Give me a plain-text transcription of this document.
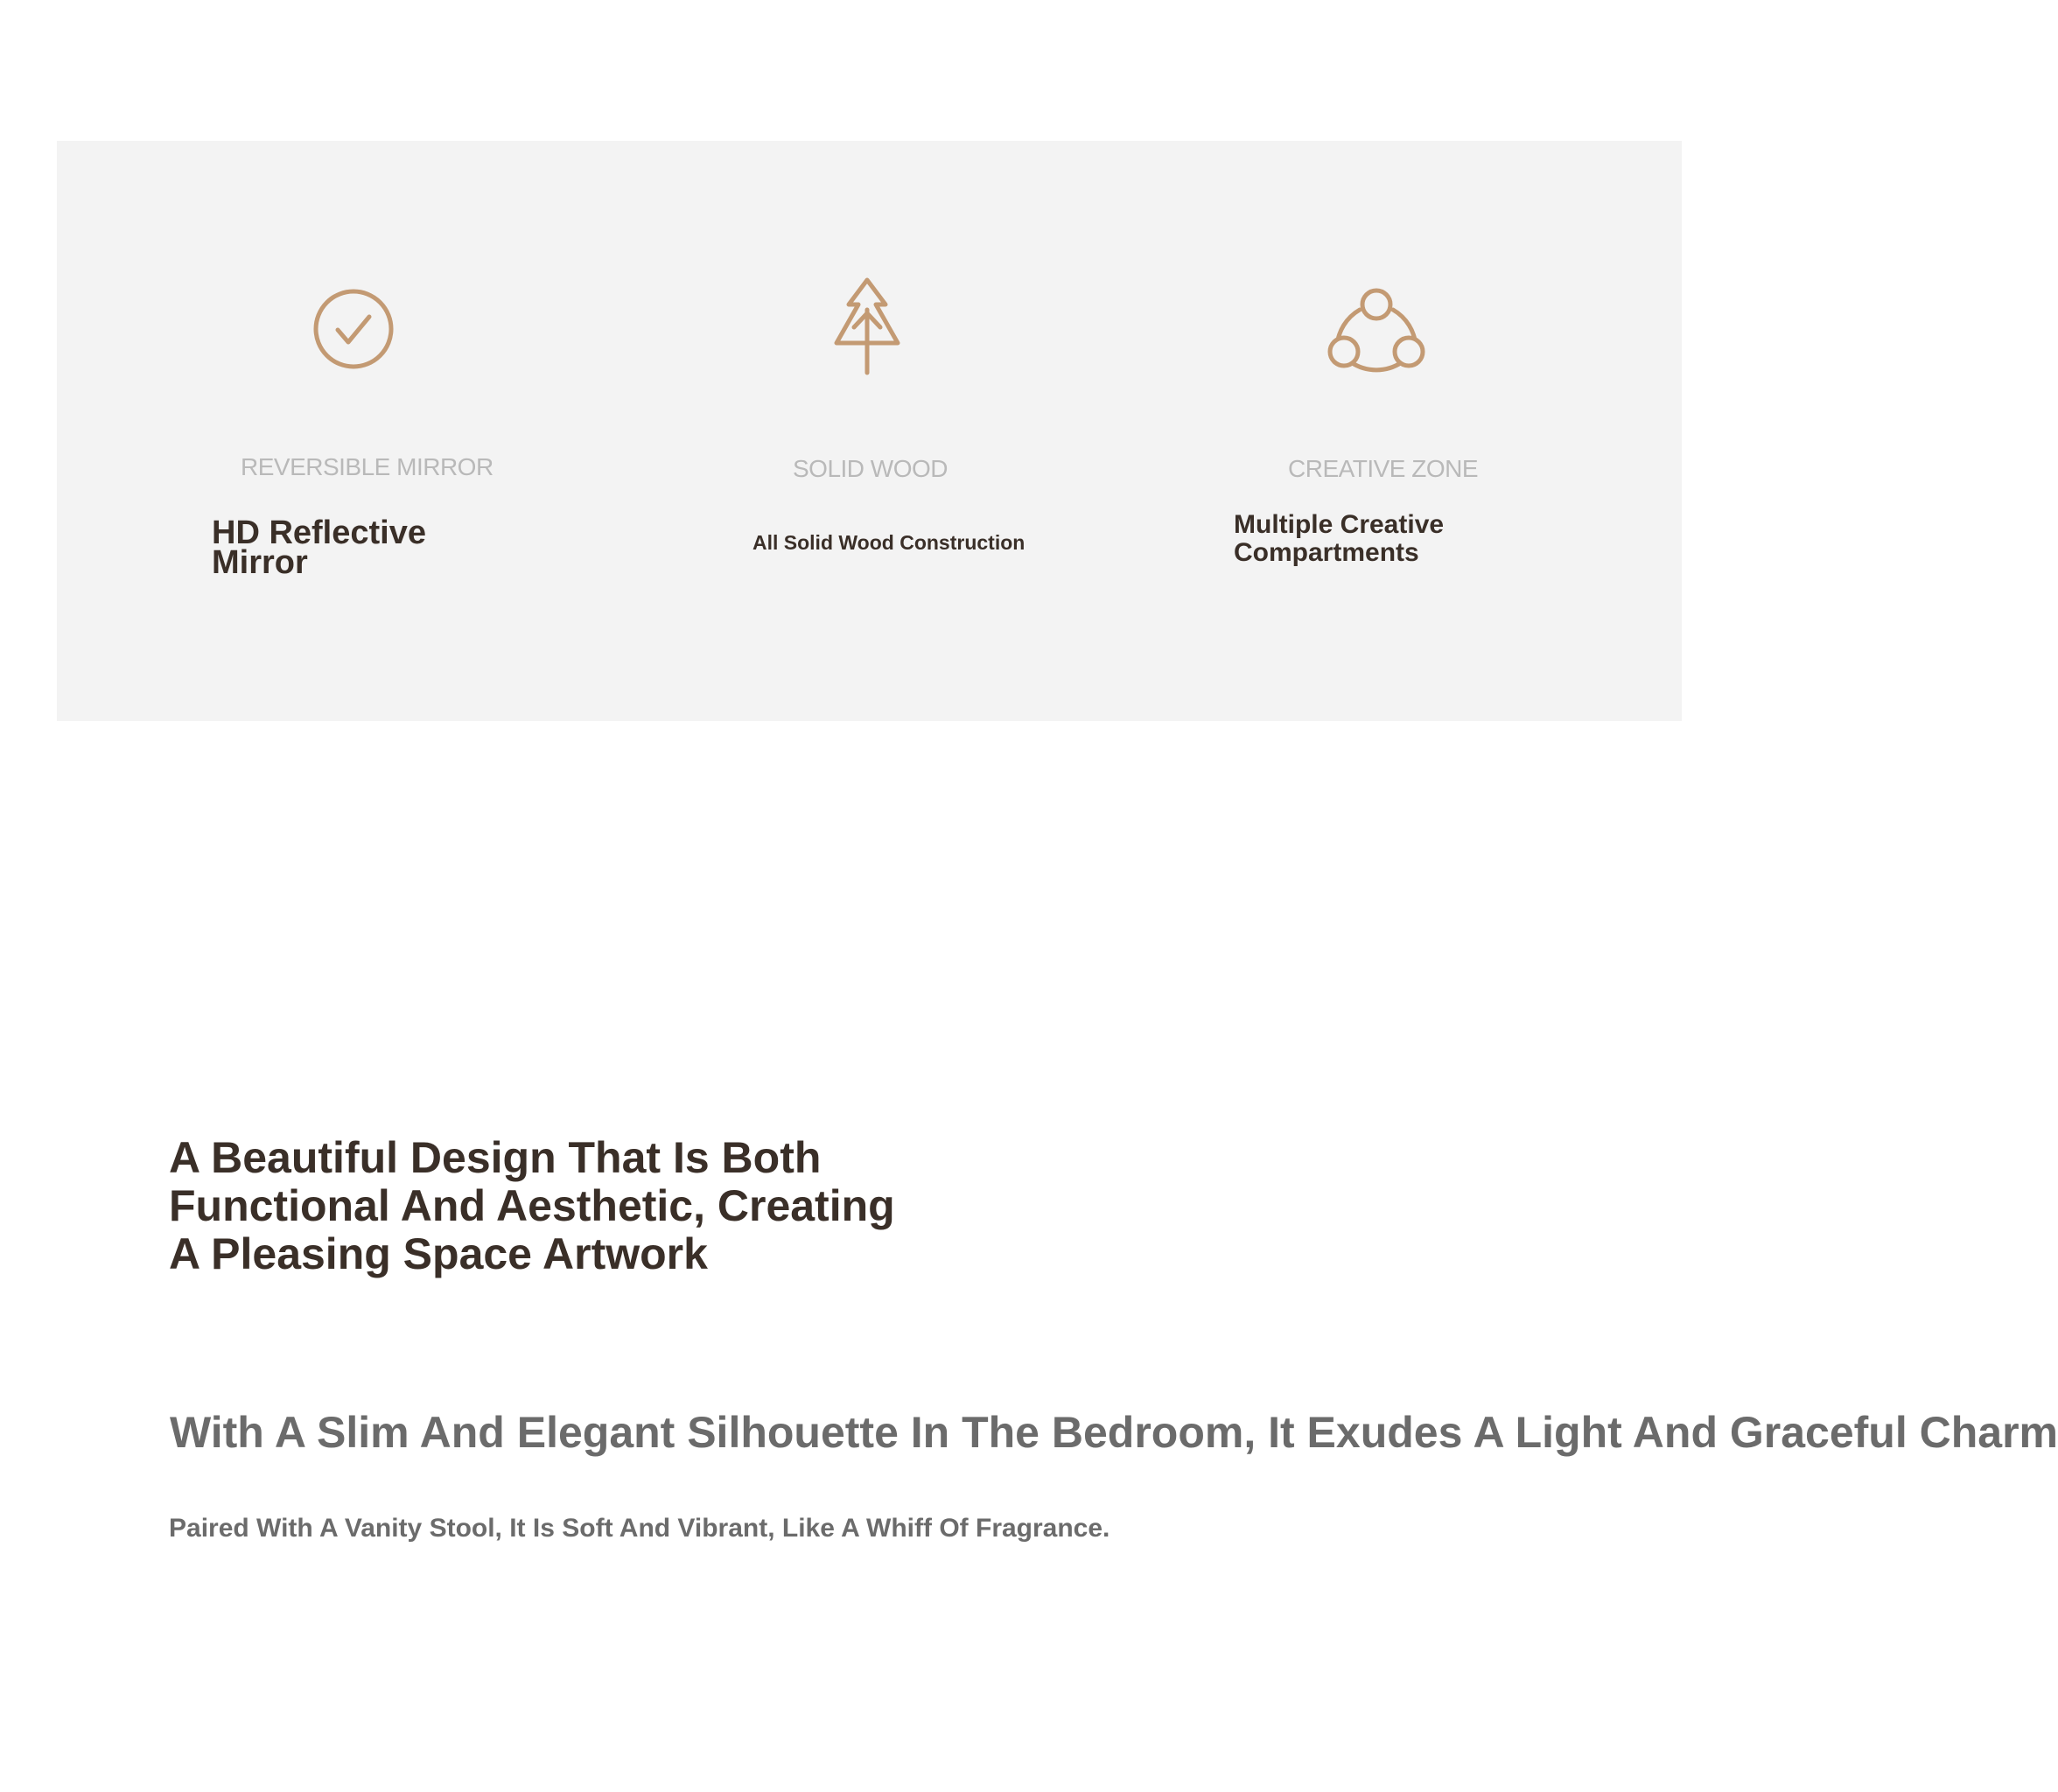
REVERSIBLE MIRROR
HD Reflective
Mirror
SOLID WOOD
All Solid Wood Construction
CREATIVE ZONE
Multiple Creative
Compartments
A Beautiful Design That Is Both
Functional And Aesthetic, Creating
A Pleasing Space Artwork

With A Slim And Elegant Silhouette In The Bedroom, It Exudes A Light And Graceful Charm

Paired With A Vanity Stool, It Is Soft And Vibrant, Like A Whiff Of Fragrance.
